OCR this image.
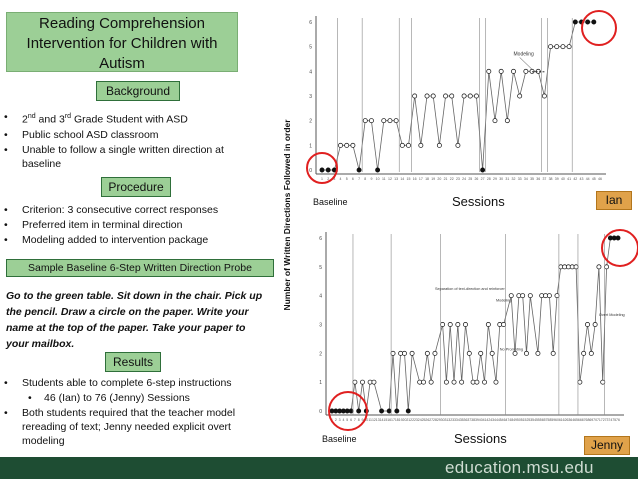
Reading Comprehension Intervention for Children with Autism
Background
• 2nd and 3rd Grade Student with ASD
• Public school ASD classroom
• Unable to follow a single written direction at baseline
Procedure
• Criterion: 3 consecutive correct responses
• Preferred item in terminal direction
• Modeling added to intervention package
Sample Baseline 6-Step Written Direction Probe
Go to the green table. Sit down in the chair. Pick up the pencil. Draw a circle on the paper. Write your name at the top of the paper. Take your paper to your mailbox.
Results
• Students able to complete 6-step instructions
• 46 (Ian) to 76 (Jenny) Sessions
• Both students required that the teacher model rereading of text; Jenny needed explicit overt modeling
Number of Written Directions Followed in order	0
1
2
3
4
5
6
1 2 3 4 5 6 7 8 9 10 11 12 13 14 15 16 17 18 19 20 21 22 23 24 25 26 27 28 29 30 31 32 33 34 35 36 37 38 39 40 41 42 43 44 45 46
Modeling
0
1
2
3
4
5
6
1 2 3 4 5 6 7 8 9 10 11 12 13 14 15 16 17 18 19 20 21 22 23 24 25 26 27 28 29 30 31 32 33 34 35 36 37 38 39 40 41 42 43 44 45 46 47 48 49 50 51 52 53 54 55 56 57 58 59 60 61 62 63 64 65 66 67 68 69 70 71 72 73 74 75 76
Separation of text-direction and reinforcer
Modeling
No Prompting
Overt Modeling
Baseline	Sessions	Ian
Baseline	Sessions	Jenny
education.msu.edu
